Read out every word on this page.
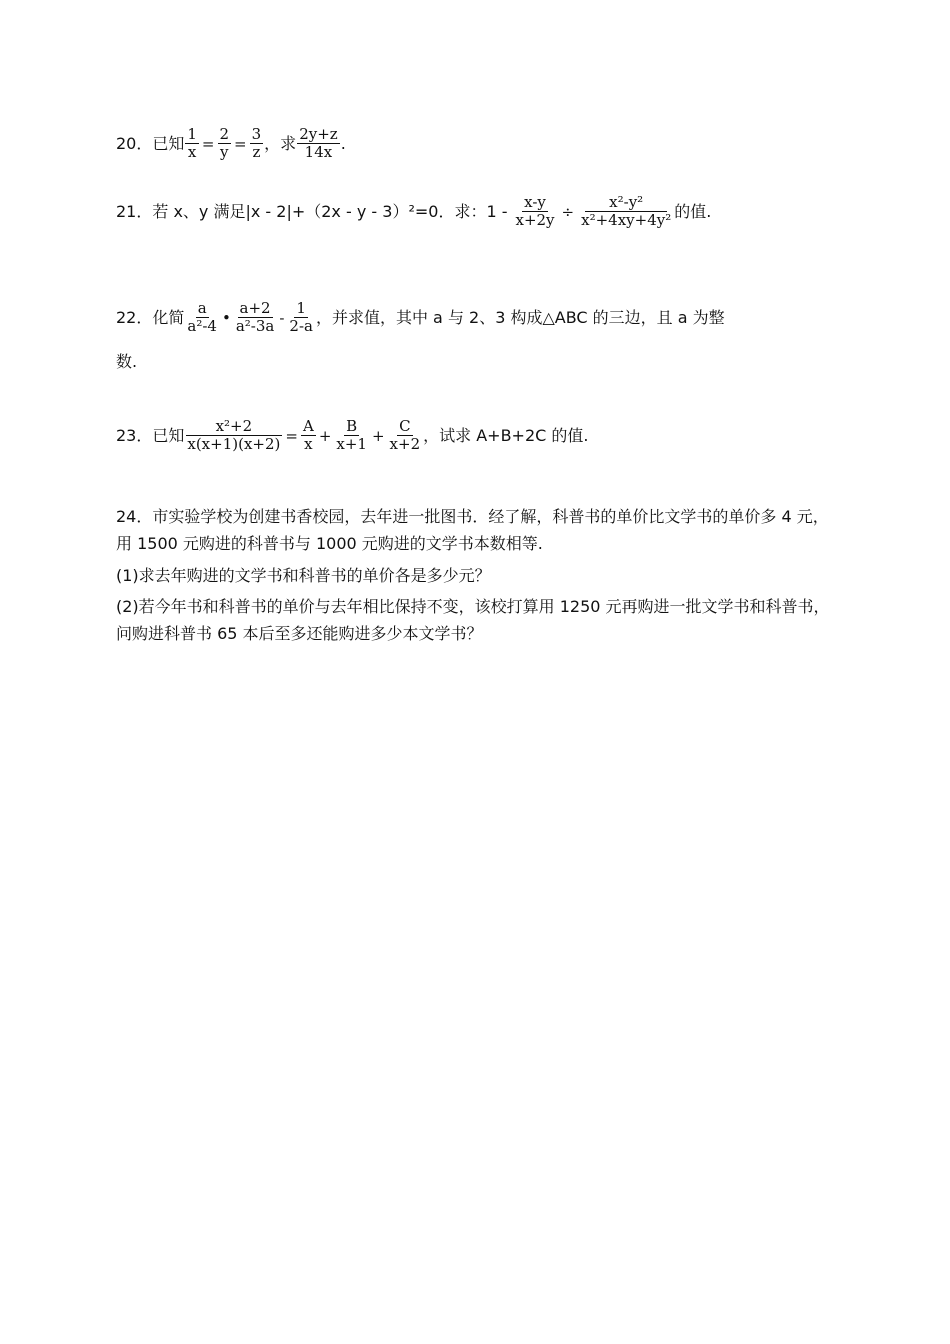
20．已知 $\frac{1}{x} = \frac{2}{y} = \frac{3}{z}$ ，求 $\frac{2y+z}{14x}$ .
21．若 x、y 满足|x - 2|+（2x - y - 3）²=0．求：$1 - \frac{x-y}{x+2y} \div \frac{\text{x²-y²}}{\text{x²+4xy+4y²}}$ 的值.
22．化简 $\frac{a}{\text{a²-4}}$ • $\frac{a+2}{\text{a²-3a}} - \frac{1}{2-a}$ ，并求值，其中 a 与 2、3 构成△ABC 的三边，且 a 为整
数.
23．已知 $\frac{\text{x²+2}}{x(x+1)(x+2)} = \frac{A}{x} + \frac{B}{x+1} + \frac{C}{x+2}$ ，试求 A+B+2C 的值.
24．市实验学校为创建书香校园，去年进一批图书．经了解，科普书的单价比文学书的单价多 4 元，用 1500 元购进的科普书与 1000 元购进的文学书本数相等.
(1)求去年购进的文学书和科普书的单价各是多少元？
(2)若今年书和科普书的单价与去年相比保持不变，该校打算用 1250 元再购进一批文学书和科普书，问购进科普书 65 本后至多还能购进多少本文学书？
